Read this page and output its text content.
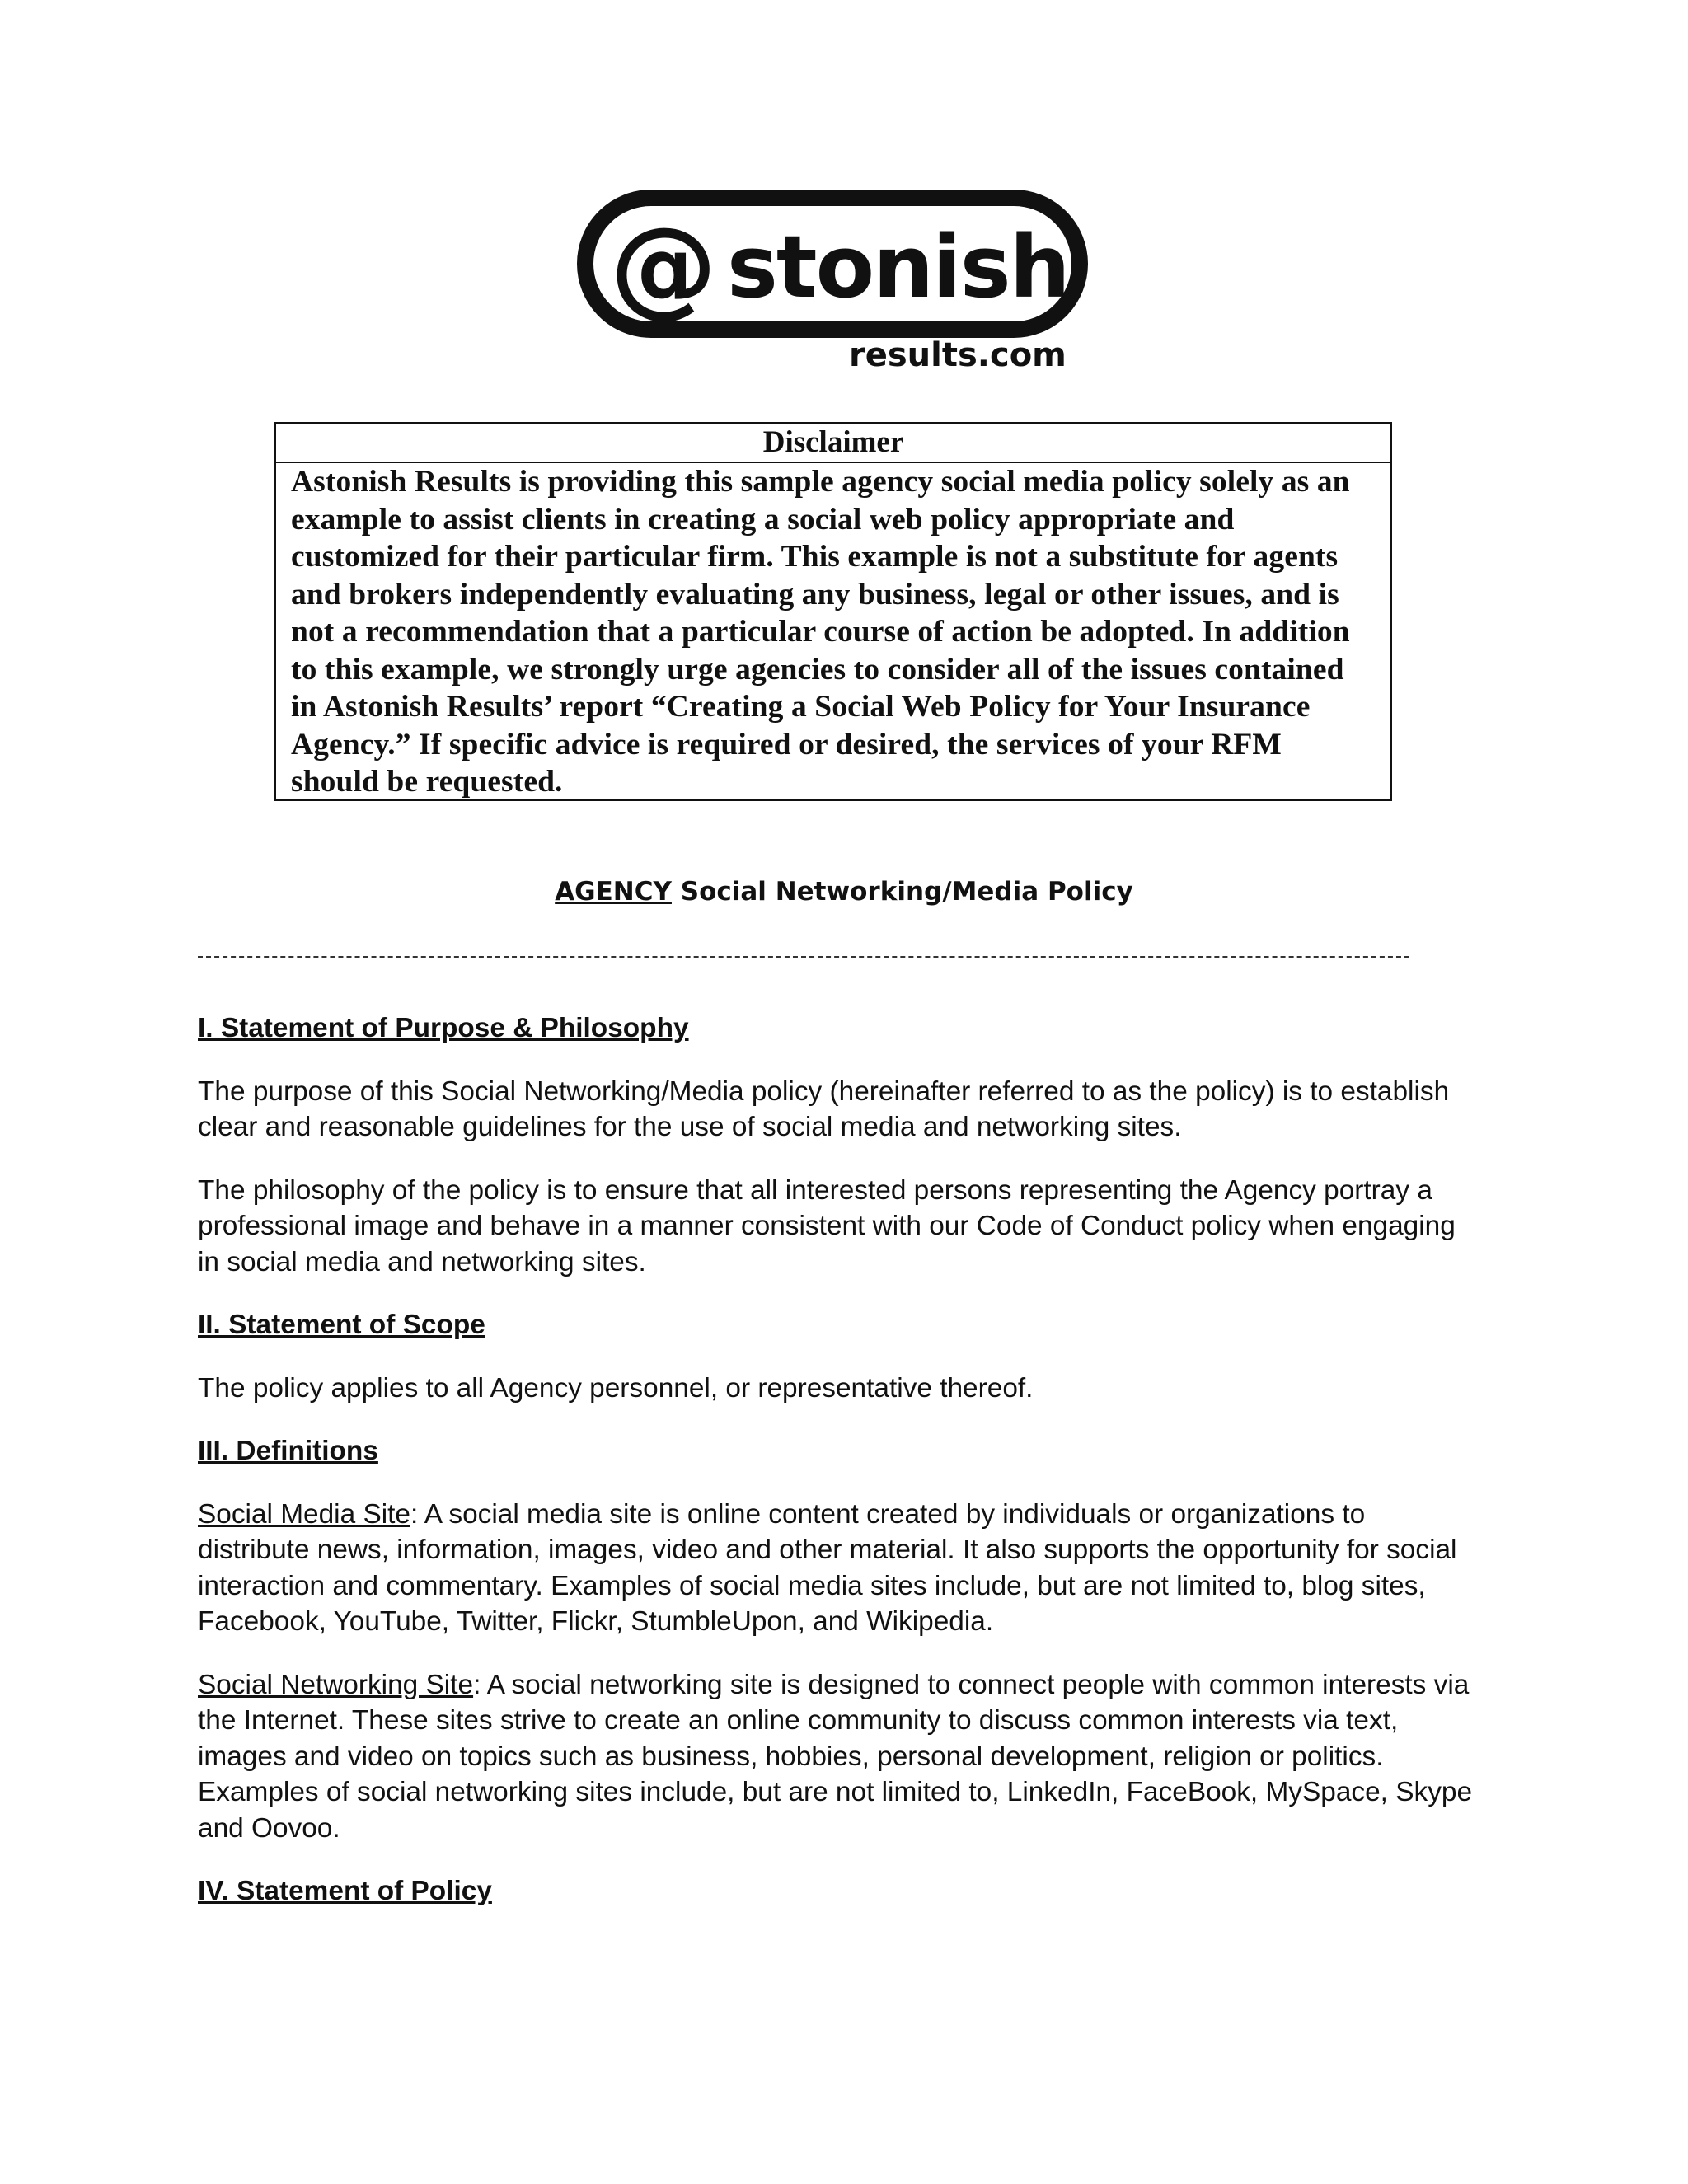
@ stonish
results.com
Disclaimer
Astonish Results is providing this sample agency social media policy solely as an example to assist clients in creating a social web policy appropriate and customized for their particular firm. This example is not a substitute for agents and brokers independently evaluating any business, legal or other issues, and is not a recommendation that a particular course of action be adopted. In addition to this example, we strongly urge agencies to consider all of the issues contained in Astonish Results’ report “Creating a Social Web Policy for Your Insurance Agency.” If specific advice is required or desired, the services of your RFM should be requested.
AGENCY Social Networking/Media Policy
I. Statement of Purpose & Philosophy

The purpose of this Social Networking/Media policy (hereinafter referred to as the policy) is to establish clear and reasonable guidelines for the use of social media and networking sites.

The philosophy of the policy is to ensure that all interested persons representing the Agency portray a professional image and behave in a manner consistent with our Code of Conduct policy when engaging in social media and networking sites.

II. Statement of Scope

The policy applies to all Agency personnel, or representative thereof.

III. Definitions

Social Media Site: A social media site is online content created by individuals or organizations to distribute news, information, images, video and other material. It also supports the opportunity for social interaction and commentary. Examples of social media sites include, but are not limited to, blog sites, Facebook, YouTube, Twitter, Flickr, StumbleUpon, and Wikipedia.

Social Networking Site: A social networking site is designed to connect people with common interests via the Internet. These sites strive to create an online community to discuss common interests via text, images and video on topics such as business, hobbies, personal development, religion or politics. Examples of social networking sites include, but are not limited to, LinkedIn, FaceBook, MySpace, Skype and Oovoo.

IV. Statement of Policy
